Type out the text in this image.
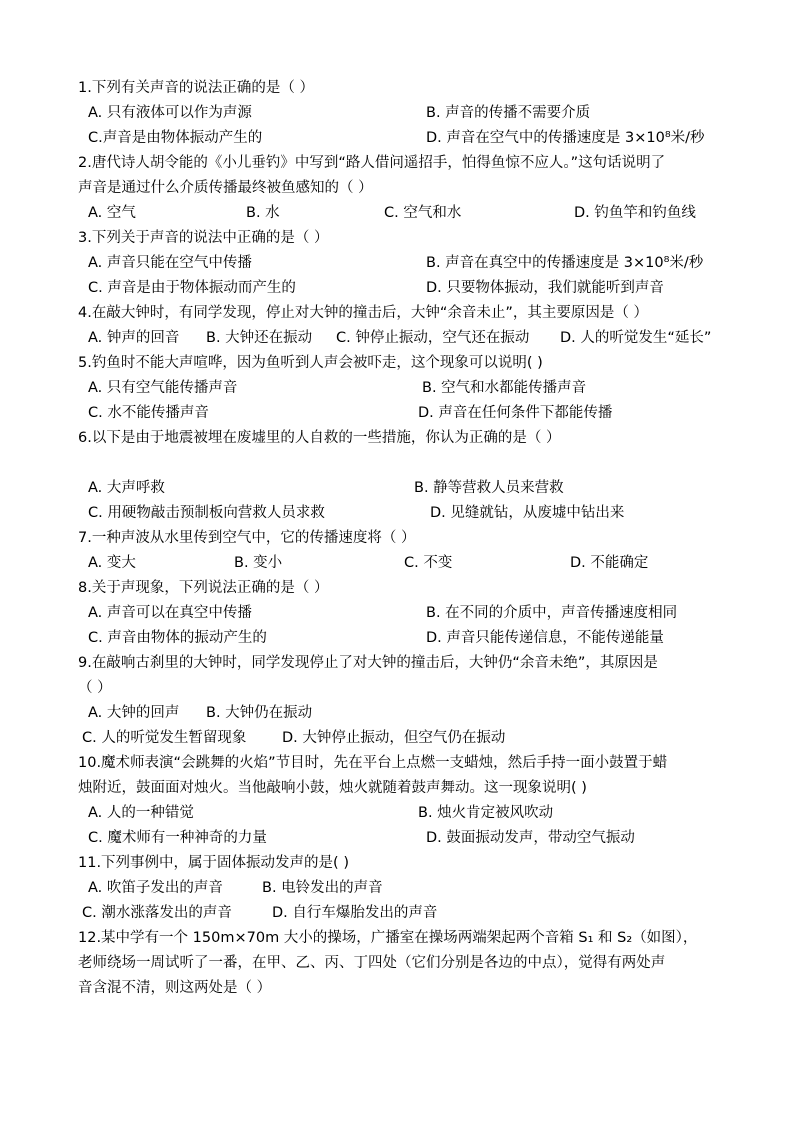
1.下列有关声音的说法正确的是（ ）
A. 只有液体可以作为声源	B. 声音的传播不需要介质
C.声音是由物体振动产生的	D. 声音在空气中的传播速度是 3×10⁸米/秒
2.唐代诗人胡令能的《小儿垂钓》中写到“路人借问遥招手，怕得鱼惊不应人。”这句话说明了
声音是通过什么介质传播最终被鱼感知的（ ）
A. 空气	B. 水	C. 空气和水	D. 钓鱼竿和钓鱼线
3.下列关于声音的说法中正确的是（ ）
A. 声音只能在空气中传播	B. 声音在真空中的传播速度是 3×10⁸米/秒
C. 声音是由于物体振动而产生的	D. 只要物体振动，我们就能听到声音
4.在敲大钟时，有同学发现，停止对大钟的撞击后，大钟“余音未止”，其主要原因是（ ）
A. 钟声的回音 B. 大钟还在振动 C. 钟停止振动，空气还在振动 D. 人的听觉发生“延长”
5.钓鱼时不能大声喧哗，因为鱼听到人声会被吓走，这个现象可以说明( )
A. 只有空气能传播声音	B. 空气和水都能传播声音
C. 水不能传播声音	D. 声音在任何条件下都能传播
6.以下是由于地震被埋在废墟里的人自救的一些措施，你认为正确的是（ ）
A. 大声呼救	B. 静等营救人员来营救
C. 用硬物敲击预制板向营救人员求救	D. 见缝就钻，从废墟中钻出来
7.一种声波从水里传到空气中，它的传播速度将（ ）
A. 变大	B. 变小	C. 不变	D. 不能确定
8.关于声现象，下列说法正确的是（ ）
A. 声音可以在真空中传播	B. 在不同的介质中，声音传播速度相同
C. 声音由物体的振动产生的	D. 声音只能传递信息，不能传递能量
9.在敲响古刹里的大钟时，同学发现停止了对大钟的撞击后，大钟仍“余音未绝”，其原因是
（ ）
A. 大钟的回声 B. 大钟仍在振动
C. 人的听觉发生暂留现象 D. 大钟停止振动，但空气仍在振动
10.魔术师表演“会跳舞的火焰”节目时，先在平台上点燃一支蜡烛，然后手持一面小鼓置于蜡
烛附近，鼓面面对烛火。当他敲响小鼓，烛火就随着鼓声舞动。这一现象说明( )
A. 人的一种错觉	B. 烛火肯定被风吹动
C. 魔术师有一种神奇的力量	D. 鼓面振动发声，带动空气振动
11.下列事例中，属于固体振动发声的是( )
A. 吹笛子发出的声音	B. 电铃发出的声音
C. 潮水涨落发出的声音	D. 自行车爆胎发出的声音
12.某中学有一个 150m×70m 大小的操场，广播室在操场两端架起两个音箱 S₁ 和 S₂（如图），
老师绕场一周试听了一番，在甲、乙、丙、丁四处（它们分别是各边的中点），觉得有两处声
音含混不清，则这两处是（ ）
